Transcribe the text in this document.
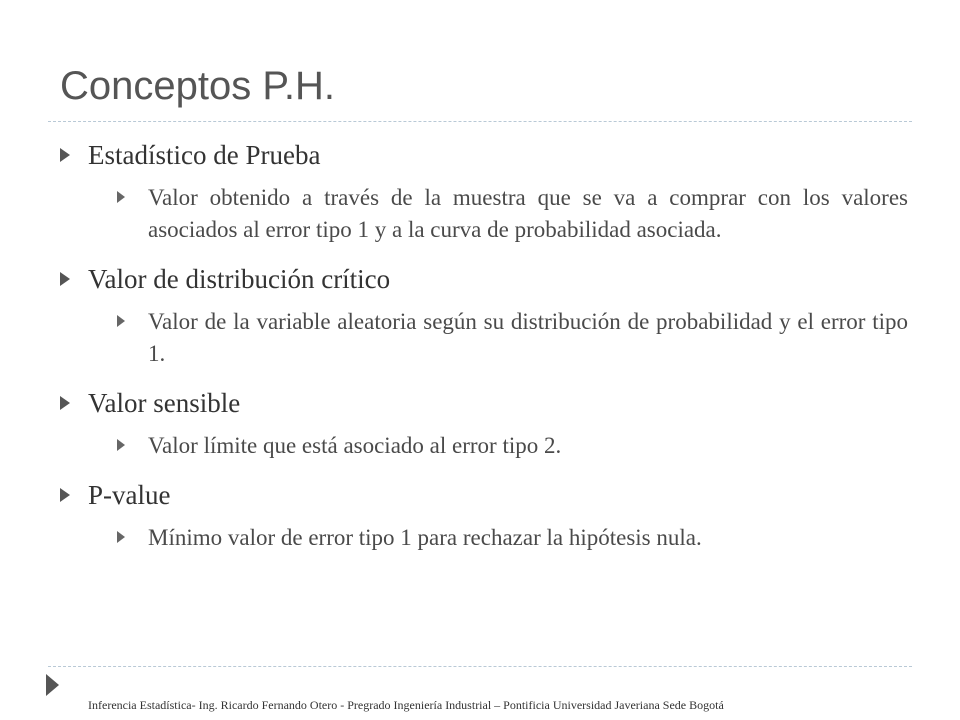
Conceptos P.H.
Estadístico de Prueba
Valor obtenido a través de la muestra que se va a comprar con los valores asociados al error tipo 1 y a la curva de probabilidad asociada.
Valor de distribución crítico
Valor de la variable aleatoria según su distribución de probabilidad y el error tipo 1.
Valor sensible
Valor límite que está asociado al error tipo 2.
P-value
Mínimo valor de error tipo 1 para rechazar la hipótesis nula.
Inferencia Estadística- Ing. Ricardo Fernando Otero - Pregrado Ingeniería Industrial – Pontificia Universidad Javeriana Sede Bogotá
